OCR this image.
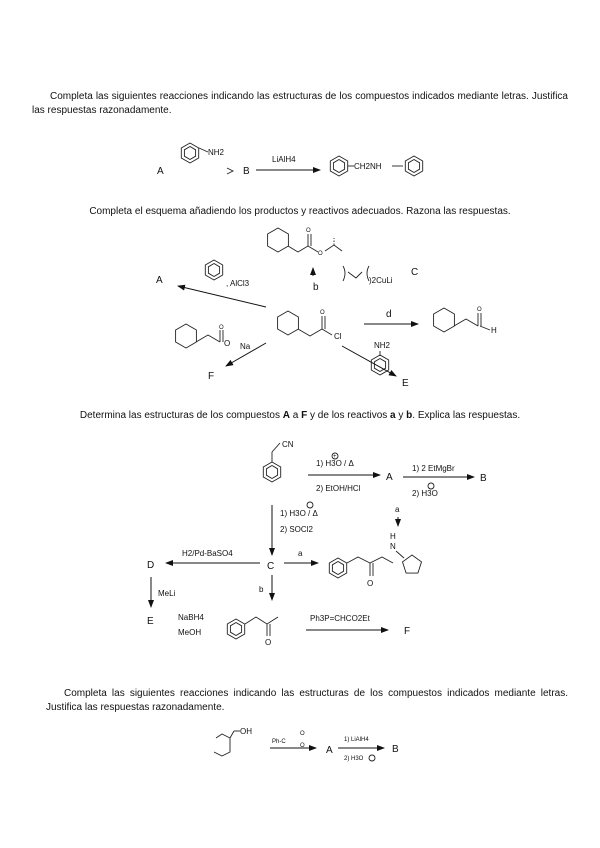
Completa las siguientes reacciones indicando las estructuras de los compuestos indicados mediante letras. Justifica las respuestas razonadamente.
Completa el esquema añadiendo los productos y reactivos adecuados. Razona las respuestas.
Determina las estructuras de los compuestos A a F y de los reactivos a y b. Explica las respuestas.
Completa las siguientes reacciones indicando las estructuras de los compuestos indicados mediante letras. Justifica las respuestas razonadamente.
NH2
A	B
LiAlH4
CH2NH
O
O
b
)2CuLi
C
A	, AlCl3
O
Cl
d	O
H
O
O Na
F
NH2
E
CN
1) H3O / Δ
+
2) EtOH/HCl
A
1) 2 EtMgBr
2) H3O
B
1) H3O / Δ
2) SOCl2
C
a
a
O
H
N
H2/Pd-BaSO4
D
MeLi
E
b
NaBH4
MeOH
O
Ph3P=CHCO2Et
F
OH
Ph-C
O
O A
1) LiAlH4
2) H3O
B
